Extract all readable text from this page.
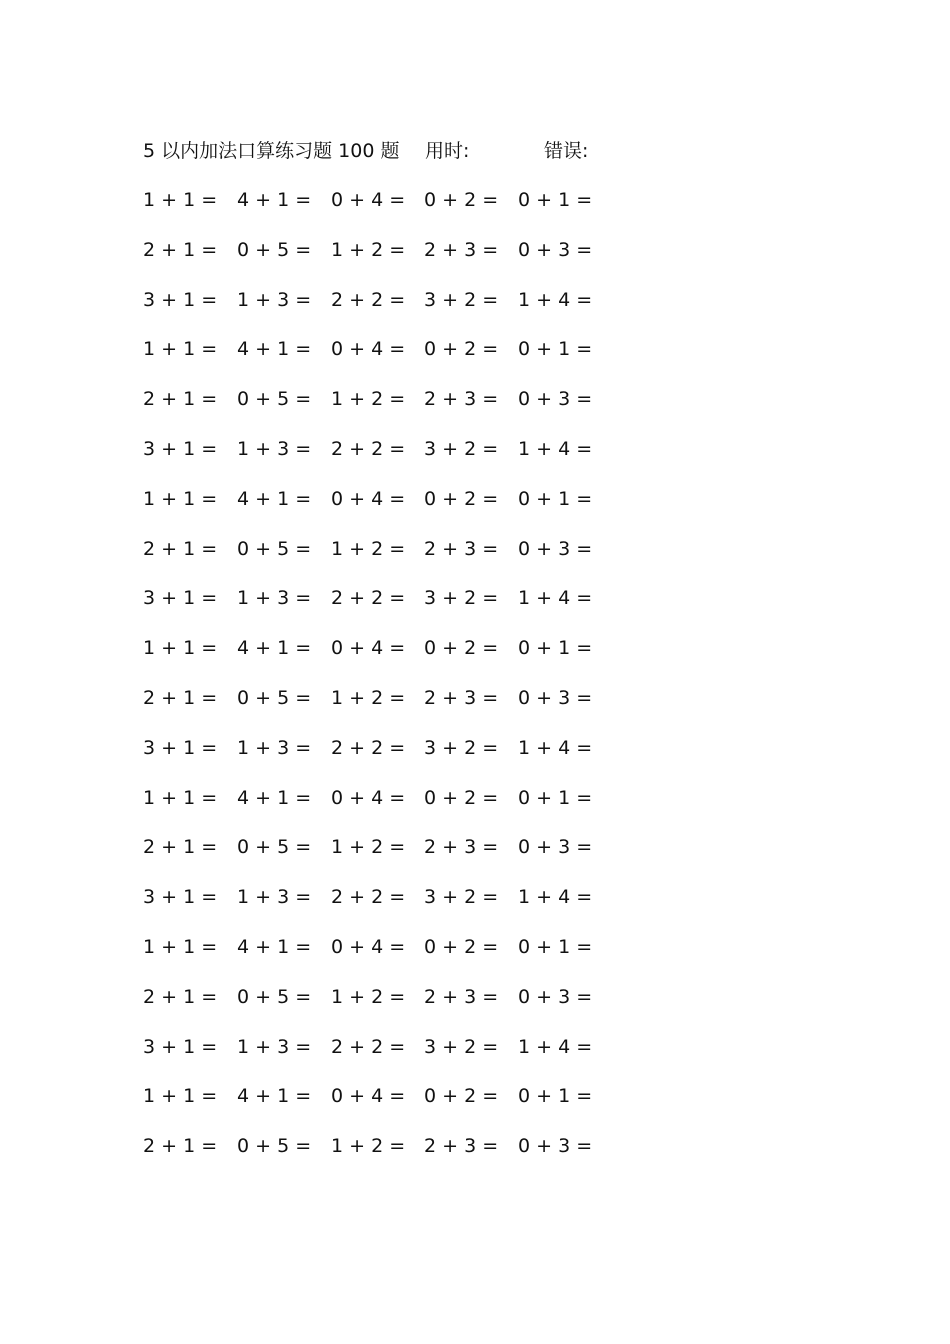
5 以内加法口算练习题 100 题 用时:	错误:
1 + 1 = 4 + 1 = 0 + 4 = 0 + 2 = 0 + 1 =
2 + 1 = 0 + 5 = 1 + 2 = 2 + 3 = 0 + 3 =
3 + 1 = 1 + 3 = 2 + 2 = 3 + 2 = 1 + 4 =
1 + 1 = 4 + 1 = 0 + 4 = 0 + 2 = 0 + 1 =
2 + 1 = 0 + 5 = 1 + 2 = 2 + 3 = 0 + 3 =
3 + 1 = 1 + 3 = 2 + 2 = 3 + 2 = 1 + 4 =
1 + 1 = 4 + 1 = 0 + 4 = 0 + 2 = 0 + 1 =
2 + 1 = 0 + 5 = 1 + 2 = 2 + 3 = 0 + 3 =
3 + 1 = 1 + 3 = 2 + 2 = 3 + 2 = 1 + 4 =
1 + 1 = 4 + 1 = 0 + 4 = 0 + 2 = 0 + 1 =
2 + 1 = 0 + 5 = 1 + 2 = 2 + 3 = 0 + 3 =
3 + 1 = 1 + 3 = 2 + 2 = 3 + 2 = 1 + 4 =
1 + 1 = 4 + 1 = 0 + 4 = 0 + 2 = 0 + 1 =
2 + 1 = 0 + 5 = 1 + 2 = 2 + 3 = 0 + 3 =
3 + 1 = 1 + 3 = 2 + 2 = 3 + 2 = 1 + 4 =
1 + 1 = 4 + 1 = 0 + 4 = 0 + 2 = 0 + 1 =
2 + 1 = 0 + 5 = 1 + 2 = 2 + 3 = 0 + 3 =
3 + 1 = 1 + 3 = 2 + 2 = 3 + 2 = 1 + 4 =
1 + 1 = 4 + 1 = 0 + 4 = 0 + 2 = 0 + 1 =
2 + 1 = 0 + 5 = 1 + 2 = 2 + 3 = 0 + 3 =
